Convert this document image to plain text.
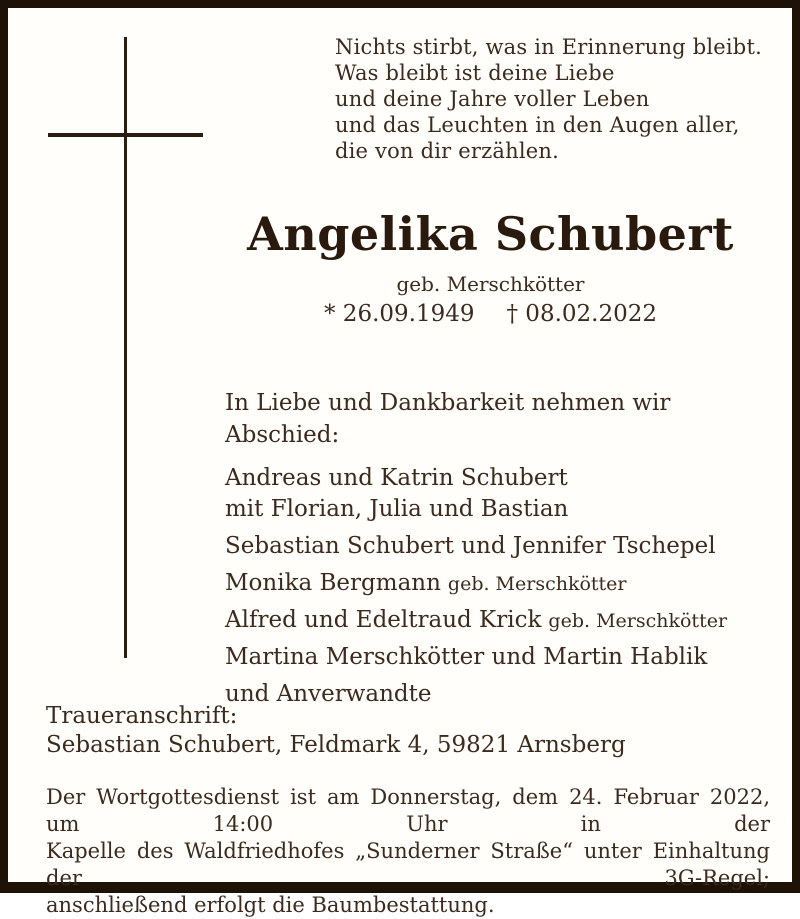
Nichts stirbt, was in Erinnerung bleibt.
Was bleibt ist deine Liebe
und deine Jahre voller Leben
und das Leuchten in den Augen aller,
die von dir erzählen.
Angelika Schubert
geb. Merschkötter
* 26.09.1949 † 08.02.2022
In Liebe und Dankbarkeit nehmen wir Abschied:
Andreas und Katrin Schubert
mit Florian, Julia und Bastian
Sebastian Schubert und Jennifer Tschepel
Monika Bergmann geb. Merschkötter
Alfred und Edeltraud Krick geb. Merschkötter
Martina Merschkötter und Martin Hablik
und Anverwandte
Traueranschrift:
Sebastian Schubert, Feldmark 4, 59821 Arnsberg
Der Wortgottesdienst ist am Donnerstag, dem 24. Februar 2022, um 14:00 Uhr in der
Kapelle des Waldfriedhofes „Sunderner Straße“ unter Einhaltung der 3G-Regel;
anschließend erfolgt die Baumbestattung.
